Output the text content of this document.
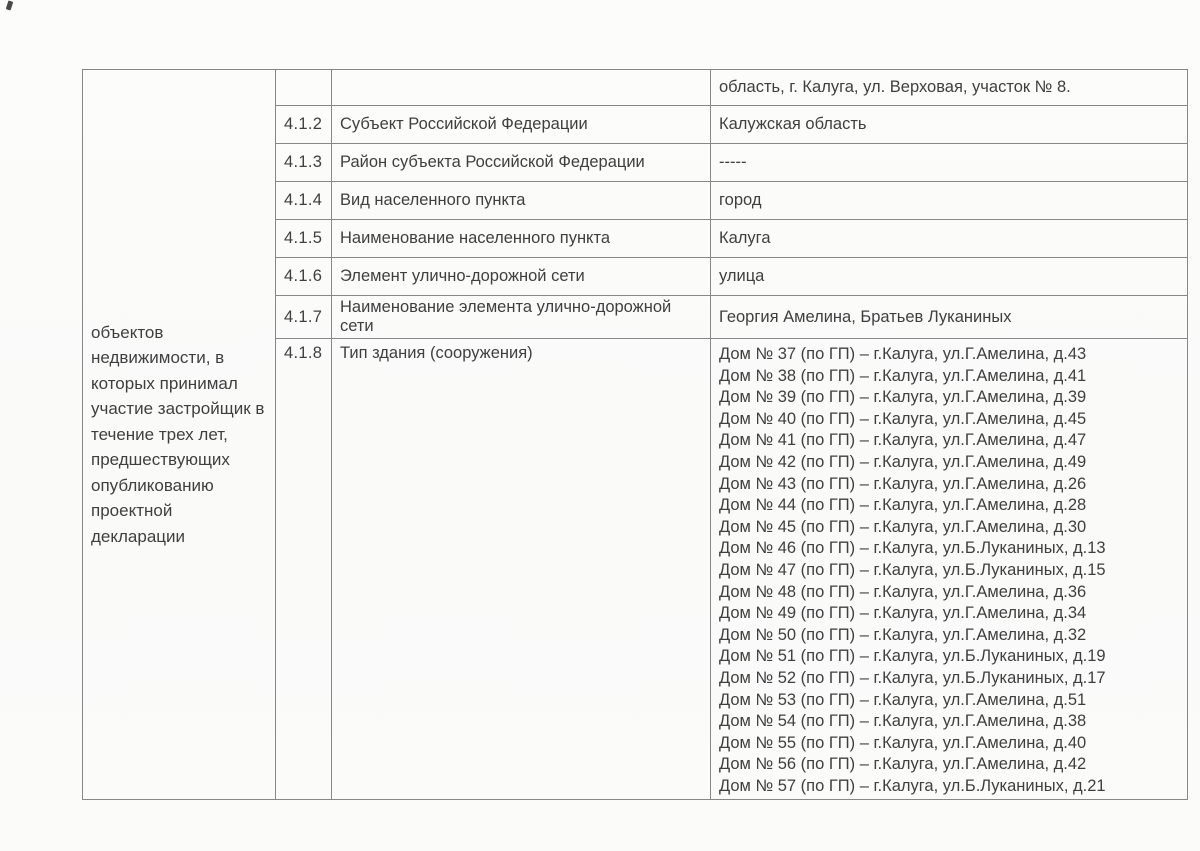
объектов
недвижимости, в
которых принимал
участие застройщик в
течение трех лет,
предшествующих
опубликованию
проектной декларации
			область, г. Калуга, ул. Верховая, участок № 8.
	4.1.2	Субъект Российской Федерации	Калужская область
	4.1.3	Район субъекта Российской Федерации	-----
	4.1.4	Вид населенного пункта	город
	4.1.5	Наименование населенного пункта	Калуга
	4.1.6	Элемент улично-дорожной сети	улица
	4.1.7	Наименование элемента улично-дорожной сети	Георгия Амелина, Братьев Луканиных
4.1.8	Тип здания (сооружения)	Дом № 37 (по ГП) – г.Калуга, ул.Г.Амелина, д.43
Дом № 38 (по ГП) – г.Калуга, ул.Г.Амелина, д.41
Дом № 39 (по ГП) – г.Калуга, ул.Г.Амелина, д.39
Дом № 40 (по ГП) – г.Калуга, ул.Г.Амелина, д.45
Дом № 41 (по ГП) – г.Калуга, ул.Г.Амелина, д.47
Дом № 42 (по ГП) – г.Калуга, ул.Г.Амелина, д.49
Дом № 43 (по ГП) – г.Калуга, ул.Г.Амелина, д.26
Дом № 44 (по ГП) – г.Калуга, ул.Г.Амелина, д.28
Дом № 45 (по ГП) – г.Калуга, ул.Г.Амелина, д.30
Дом № 46 (по ГП) – г.Калуга, ул.Б.Луканиных, д.13
Дом № 47 (по ГП) – г.Калуга, ул.Б.Луканиных, д.15
Дом № 48 (по ГП) – г.Калуга, ул.Г.Амелина, д.36
Дом № 49 (по ГП) – г.Калуга, ул.Г.Амелина, д.34
Дом № 50 (по ГП) – г.Калуга, ул.Г.Амелина, д.32
Дом № 51 (по ГП) – г.Калуга, ул.Б.Луканиных, д.19
Дом № 52 (по ГП) – г.Калуга, ул.Б.Луканиных, д.17
Дом № 53 (по ГП) – г.Калуга, ул.Г.Амелина, д.51
Дом № 54 (по ГП) – г.Калуга, ул.Г.Амелина, д.38
Дом № 55 (по ГП) – г.Калуга, ул.Г.Амелина, д.40
Дом № 56 (по ГП) – г.Калуга, ул.Г.Амелина, д.42
Дом № 57 (по ГП) – г.Калуга, ул.Б.Луканиных, д.21
